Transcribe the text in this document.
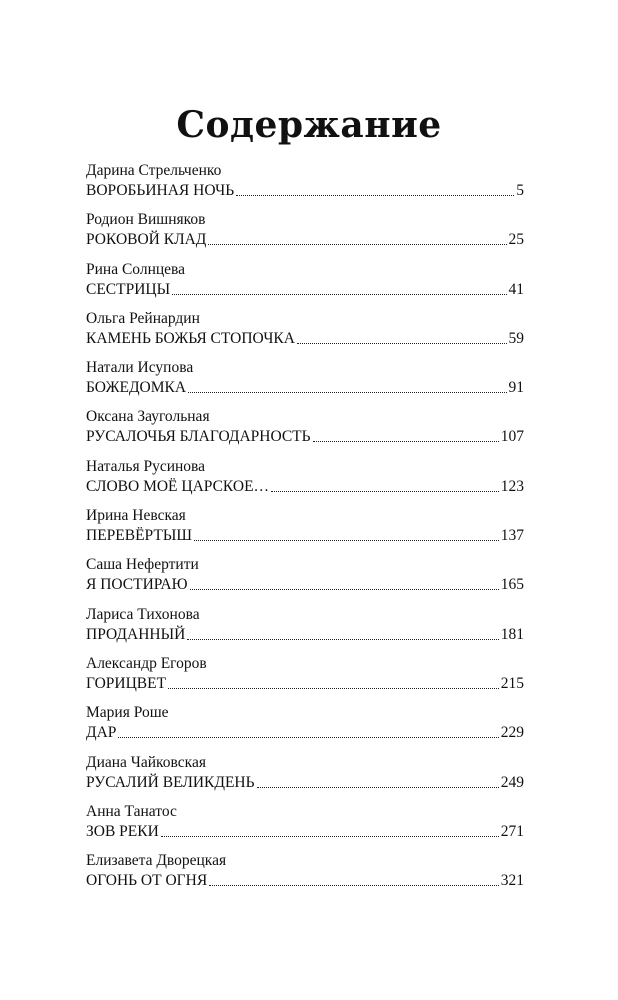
Содержание
Дарина Стрельченко
ВОРОБЬИНАЯ НОЧЬ	5
Родион Вишняков
РОКОВОЙ КЛАД	25
Рина Солнцева
СЕСТРИЦЫ	41
Ольга Рейнардин
КАМЕНЬ БОЖЬЯ СТОПОЧКА	59
Натали Исупова
БОЖЕДОМКА	91
Оксана Заугольная
РУСАЛОЧЬЯ БЛАГОДАРНОСТЬ	107
Наталья Русинова
СЛОВО МОЁ ЦАРСКОЕ…	123
Ирина Невская
ПЕРЕВЁРТЫШ	137
Саша Нефертити
Я ПОСТИРАЮ	165
Лариса Тихонова
ПРОДАННЫЙ	181
Александр Егоров
ГОРИЦВЕТ	215
Мария Роше
ДАР	229
Диана Чайковская
РУСАЛИЙ ВЕЛИКДЕНЬ	249
Анна Танатос
ЗОВ РЕКИ	271
Елизавета Дворецкая
ОГОНЬ ОТ ОГНЯ	321
